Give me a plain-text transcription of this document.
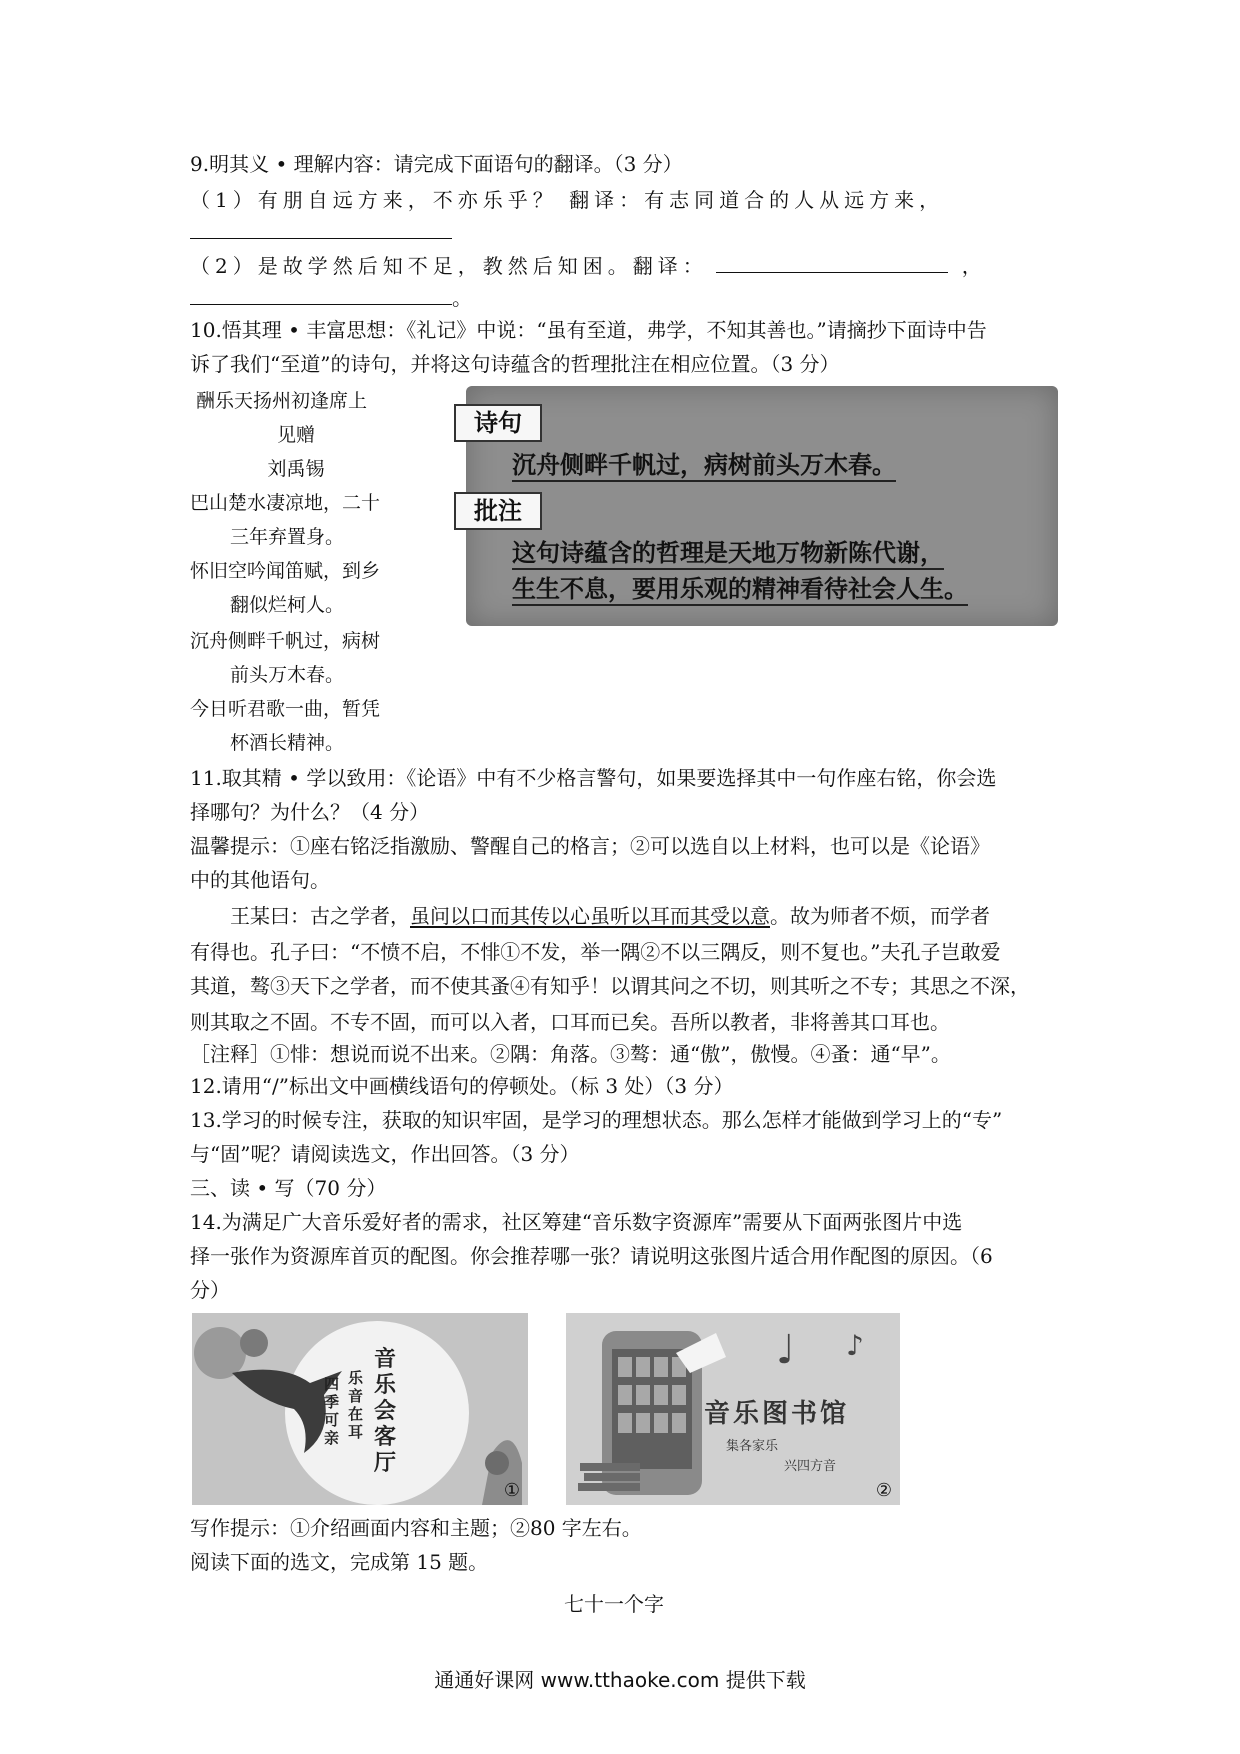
9.明其义 • 理解内容：请完成下面语句的翻译。（3 分）
（1）有朋自远方来，不亦乐乎？ 翻译：有志同道合的人从远方来，
（2）是故学然后知不足，教然后知困。翻译：	，
。
10.悟其理 • 丰富思想：《礼记》中说：“虽有至道，弗学，不知其善也。”请摘抄下面诗中告
诉了我们“至道”的诗句，并将这句诗蕴含的哲理批注在相应位置。（3 分）
酬乐天扬州初逢席上
见赠
刘禹锡
巴山楚水凄凉地，二十
三年弃置身。
怀旧空吟闻笛赋，到乡
翻似烂柯人。
沉舟侧畔千帆过，病树
前头万木春。
今日听君歌一曲，暂凭
杯酒长精神。
诗句
沉舟侧畔千帆过，病树前头万木春。
批注
这句诗蕴含的哲理是天地万物新陈代谢，
生生不息，要用乐观的精神看待社会人生。
11.取其精 • 学以致用：《论语》中有不少格言警句，如果要选择其中一句作座右铭，你会选
择哪句？为什么？（4 分）
温馨提示：①座右铭泛指激励、警醒自己的格言；②可以选自以上材料，也可以是《论语》
中的其他语句。
王某曰：古之学者，虽问以口而其传以心虽听以耳而其受以意。故为师者不烦，而学者
有得也。孔子曰：“不愤不启，不悱①不发，举一隅②不以三隅反，则不复也。”夫孔子岂敢爱
其道，骜③天下之学者，而不使其蚤④有知乎！以谓其问之不切，则其听之不专；其思之不深，
则其取之不固。不专不固，而可以入者，口耳而已矣。吾所以教者，非将善其口耳也。
［注释］①悱：想说而说不出来。②隅：角落。③骜：通“傲”，傲慢。④蚤：通“早”。
12.请用“/”标出文中画横线语句的停顿处。（标 3 处）（3 分）
13.学习的时候专注，获取的知识牢固，是学习的理想状态。那么怎样才能做到学习上的“专”
与“固”呢？请阅读选文，作出回答。（3 分）
三、读 • 写（70 分）
14.为满足广大音乐爱好者的需求，社区筹建“音乐数字资源库”需要从下面两张图片中选
择一张作为资源库首页的配图。你会推荐哪一张？请说明这张图片适合用作配图的原因。（6
分）
音乐会客厅
乐音在耳
四季可亲
①
音乐图书馆
集各家乐
兴四方音
♩ ♪
②
写作提示：①介绍画面内容和主题；②80 字左右。
阅读下面的选文，完成第 15 题。
七十一个字
通通好课网 www.tthaoke.com 提供下载
